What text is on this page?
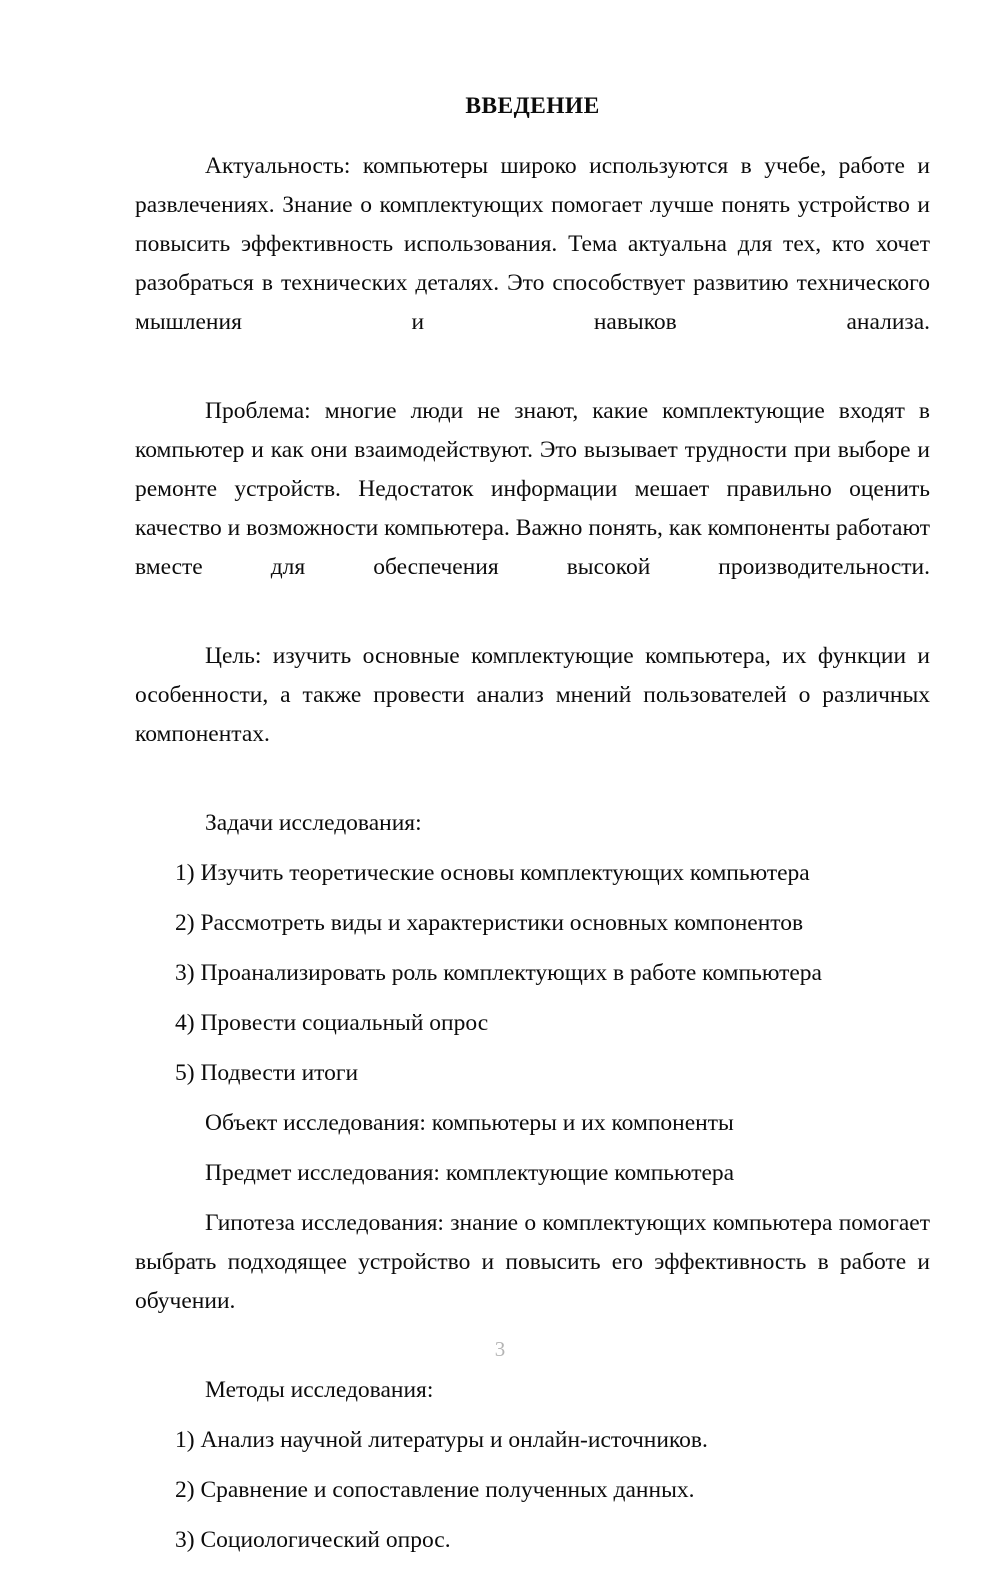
ВВЕДЕНИЕ

Актуальность: компьютеры широко используются в учебе, работе и развлечениях. Знание о комплектующих помогает лучше понять устройство и повысить эффективность использования. Тема актуальна для тех, кто хочет разобраться в технических деталях. Это способствует развитию технического мышления и навыков анализа.

Проблема: многие люди не знают, какие комплектующие входят в компьютер и как они взаимодействуют. Это вызывает трудности при выборе и ремонте устройств. Недостаток информации мешает правильно оценить качество и возможности компьютера. Важно понять, как компоненты работают вместе для обеспечения высокой производительности.

Цель: изучить основные комплектующие компьютера, их функции и особенности, а также провести анализ мнений пользователей о различных компонентах.

Задачи исследования:

1) Изучить теоретические основы комплектующих компьютера

2) Рассмотреть виды и характеристики основных компонентов

3) Проанализировать роль комплектующих в работе компьютера

4) Провести социальный опрос

5) Подвести итоги

Объект исследования: компьютеры и их компоненты

Предмет исследования: комплектующие компьютера

Гипотеза исследования: знание о комплектующих компьютера помогает выбрать подходящее устройство и повысить его эффективность в работе и обучении.

Методы исследования:

1) Анализ научной литературы и онлайн-источников.

2) Сравнение и сопоставление полученных данных.

3) Социологический опрос.

3
